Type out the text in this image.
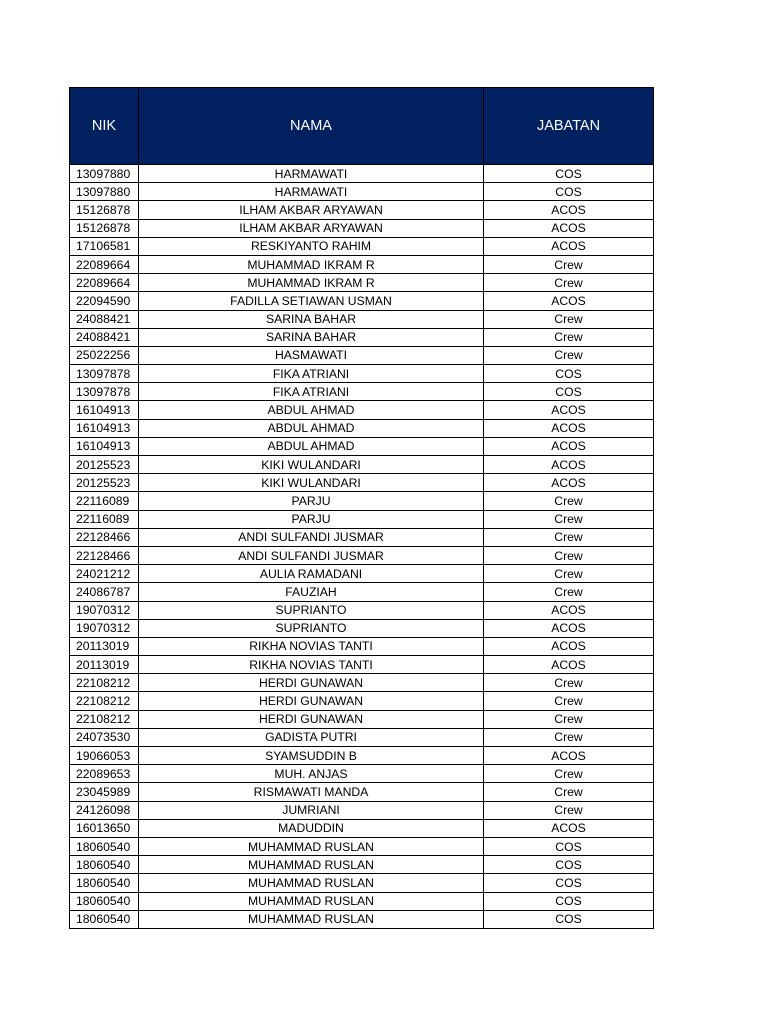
NIK	NAMA	JABATAN
13097880	HARMAWATI	COS
13097880	HARMAWATI	COS
15126878	ILHAM AKBAR ARYAWAN	ACOS
15126878	ILHAM AKBAR ARYAWAN	ACOS
17106581	RESKIYANTO RAHIM	ACOS
22089664	MUHAMMAD IKRAM R	Crew
22089664	MUHAMMAD IKRAM R	Crew
22094590	FADILLA SETIAWAN USMAN	ACOS
24088421	SARINA BAHAR	Crew
24088421	SARINA BAHAR	Crew
25022256	HASMAWATI	Crew
13097878	FIKA ATRIANI	COS
13097878	FIKA ATRIANI	COS
16104913	ABDUL AHMAD	ACOS
16104913	ABDUL AHMAD	ACOS
16104913	ABDUL AHMAD	ACOS
20125523	KIKI WULANDARI	ACOS
20125523	KIKI WULANDARI	ACOS
22116089	PARJU	Crew
22116089	PARJU	Crew
22128466	ANDI SULFANDI JUSMAR	Crew
22128466	ANDI SULFANDI JUSMAR	Crew
24021212	AULIA RAMADANI	Crew
24086787	FAUZIAH	Crew
19070312	SUPRIANTO	ACOS
19070312	SUPRIANTO	ACOS
20113019	RIKHA NOVIAS TANTI	ACOS
20113019	RIKHA NOVIAS TANTI	ACOS
22108212	HERDI GUNAWAN	Crew
22108212	HERDI GUNAWAN	Crew
22108212	HERDI GUNAWAN	Crew
24073530	GADISTA PUTRI	Crew
19066053	SYAMSUDDIN B	ACOS
22089653	MUH. ANJAS	Crew
23045989	RISMAWATI MANDA	Crew
24126098	JUMRIANI	Crew
16013650	MADUDDIN	ACOS
18060540	MUHAMMAD RUSLAN	COS
18060540	MUHAMMAD RUSLAN	COS
18060540	MUHAMMAD RUSLAN	COS
18060540	MUHAMMAD RUSLAN	COS
18060540	MUHAMMAD RUSLAN	COS
